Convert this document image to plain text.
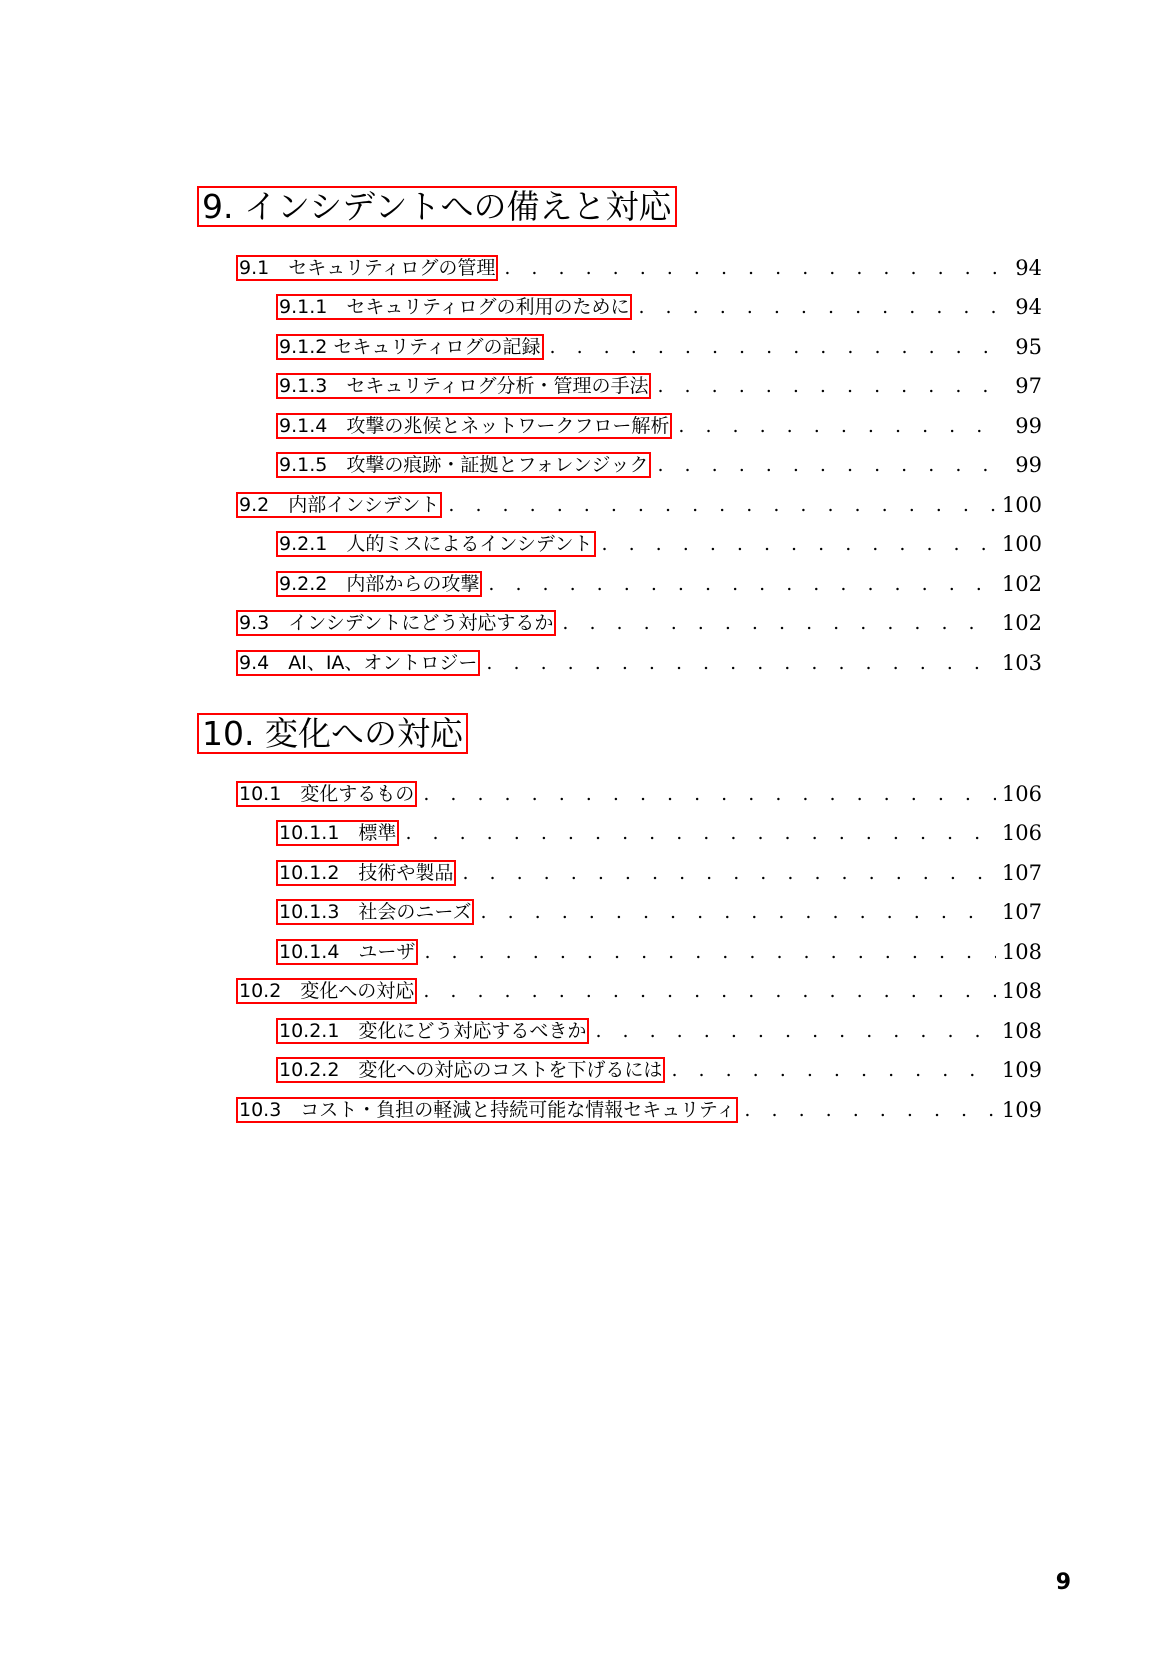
9. インシデントへの備えと対応
9.1　セキュリティログの管理 . . .	94
9.1.1　セキュリティログの利用のために . . .	94
9.1.2 セキュリティログの記録 . . .	95
9.1.3　セキュリティログ分析・管理の手法 . . .	97
9.1.4　攻撃の兆候とネットワークフロー解析 . . .	99
9.1.5　攻撃の痕跡・証拠とフォレンジック . . .	99
9.2　内部インシデント . . .	100
9.2.1　人的ミスによるインシデント . . .	100
9.2.2　内部からの攻撃 . . .	102
9.3　インシデントにどう対応するか . . .	102
9.4　AI、IA、オントロジー . . .	103
10. 変化への対応
10.1　変化するもの . . .	106
10.1.1　標準 . . .	106
10.1.2　技術や製品 . . .	107
10.1.3　社会のニーズ . . .	107
10.1.4　ユーザ . . .	108
10.2　変化への対応 . . .	108
10.2.1　変化にどう対応するべきか . . .	108
10.2.2　変化への対応のコストを下げるには . . .	109
10.3　コスト・負担の軽減と持続可能な情報セキュリティ . . .	109
9
